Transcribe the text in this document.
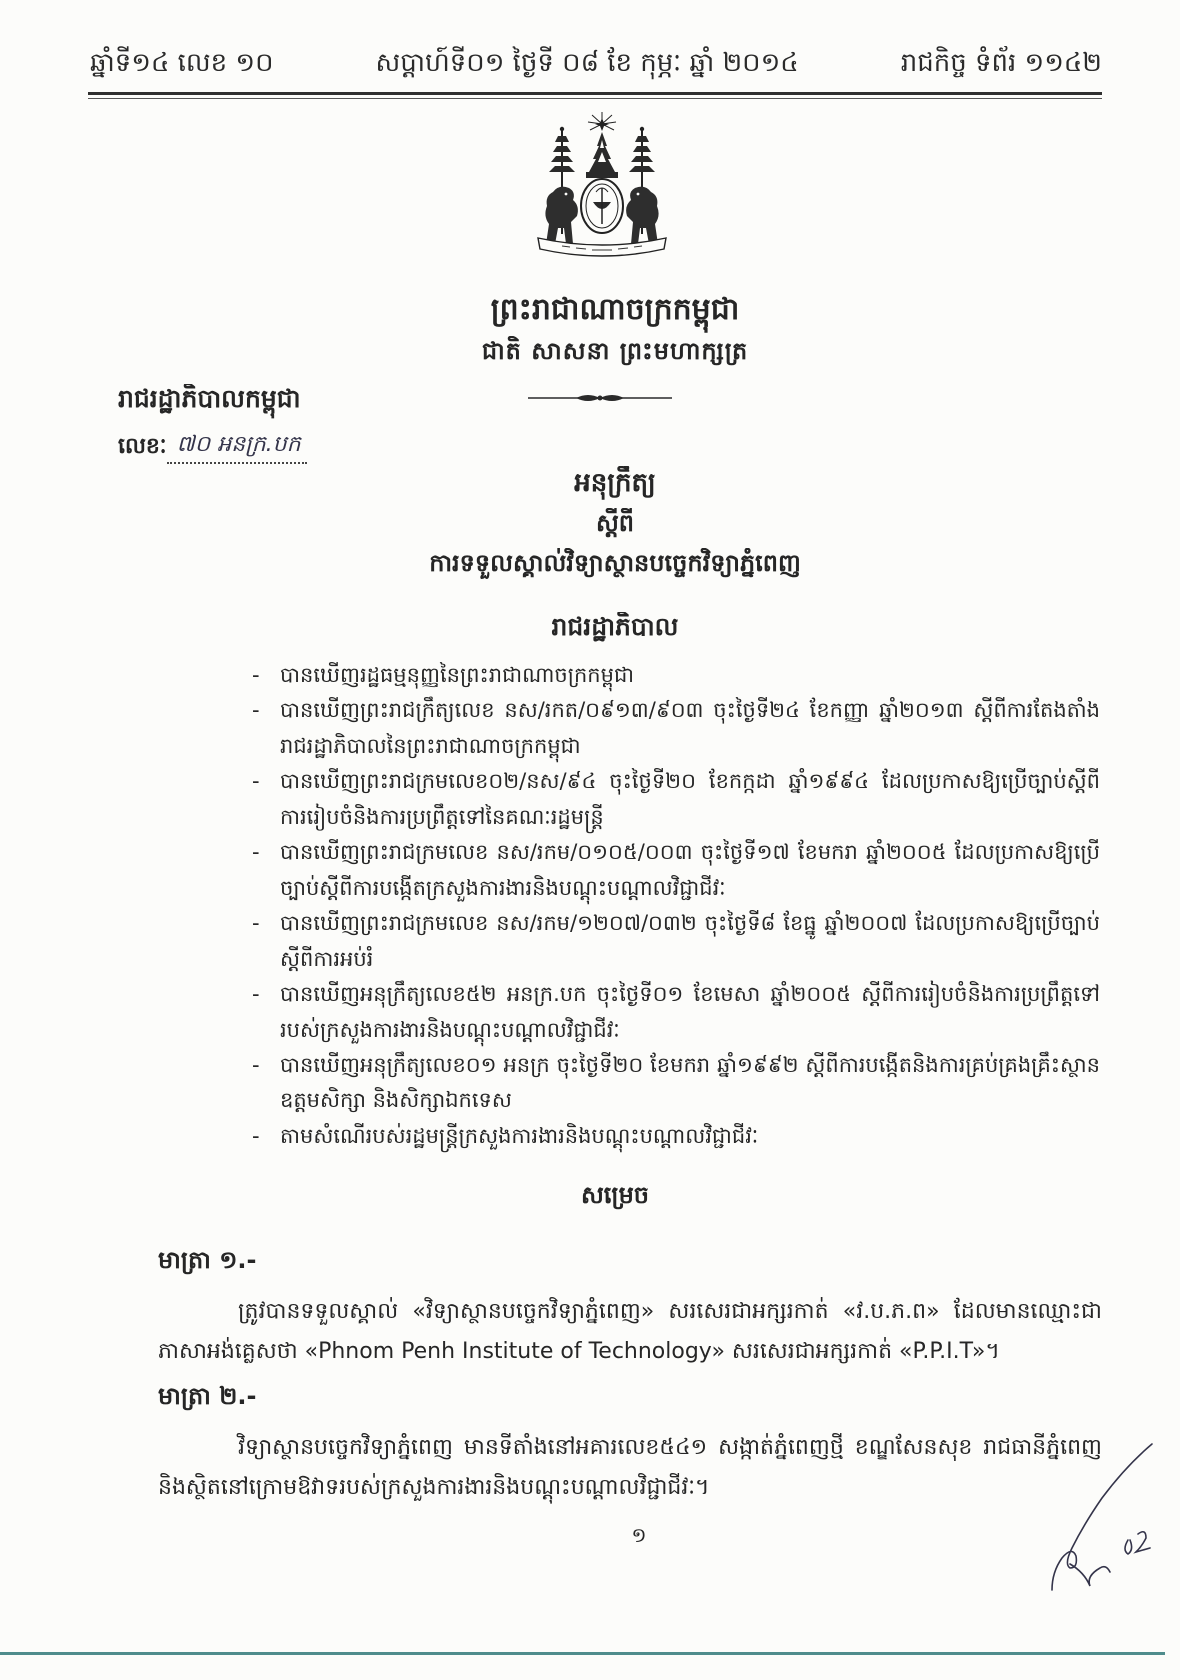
ឆ្នាំទី១៤ លេខ ១០	សប្តាហ៍ទី០១ ថ្ងៃទី ០៨ ខែ កុម្ភៈ ឆ្នាំ ២០១៤	រាជកិច្ច ទំព័រ ១១៤២
ព្រះរាជាណាចក្រកម្ពុជា
ជាតិ សាសនា ព្រះមហាក្សត្រ
រាជរដ្ឋាភិបាលកម្ពុជា
លេខៈ ៧០ អនក្រ.បក
អនុក្រឹត្យ
ស្តីពី
ការទទួលស្គាល់វិទ្យាស្ថានបច្ចេកវិទ្យាភ្នំពេញ
រាជរដ្ឋាភិបាល
- បានឃើញរដ្ឋធម្មនុញ្ញនៃព្រះរាជាណាចក្រកម្ពុជា
- បានឃើញព្រះរាជក្រឹត្យលេខ នស/រកត/០៩១៣/៩០៣ ចុះថ្ងៃទី២៤ ខែកញ្ញា ឆ្នាំ២០១៣ ស្តីពីការតែងតាំងរាជរដ្ឋាភិបាលនៃព្រះរាជាណាចក្រកម្ពុជា
- បានឃើញព្រះរាជក្រមលេខ០២/នស/៩៤ ចុះថ្ងៃទី២០ ខែកក្កដា ឆ្នាំ១៩៩៤ ដែលប្រកាសឱ្យប្រើច្បាប់ស្តីពីការរៀបចំនិងការប្រព្រឹត្តទៅនៃគណៈរដ្ឋមន្ត្រី
- បានឃើញព្រះរាជក្រមលេខ នស/រកម/០១០៥/០០៣ ចុះថ្ងៃទី១៧ ខែមករា ឆ្នាំ២០០៥ ដែលប្រកាសឱ្យប្រើច្បាប់ស្តីពីការបង្កើតក្រសួងការងារនិងបណ្តុះបណ្តាលវិជ្ជាជីវៈ
- បានឃើញព្រះរាជក្រមលេខ នស/រកម/១២០៧/០៣២ ចុះថ្ងៃទី៨ ខែធ្នូ ឆ្នាំ២០០៧ ដែលប្រកាសឱ្យប្រើច្បាប់ស្តីពីការអប់រំ
- បានឃើញអនុក្រឹត្យលេខ៥២ អនក្រ.បក ចុះថ្ងៃទី០១ ខែមេសា ឆ្នាំ២០០៥ ស្តីពីការរៀបចំនិងការប្រព្រឹត្តទៅរបស់ក្រសួងការងារនិងបណ្តុះបណ្តាលវិជ្ជាជីវៈ
- បានឃើញអនុក្រឹត្យលេខ០១ អនក្រ ចុះថ្ងៃទី២០ ខែមករា ឆ្នាំ១៩៩២ ស្តីពីការបង្កើតនិងការគ្រប់គ្រងគ្រឹះស្ថានឧត្តមសិក្សា និងសិក្សាឯកទេស
- តាមសំណើរបស់រដ្ឋមន្ត្រីក្រសួងការងារនិងបណ្តុះបណ្តាលវិជ្ជាជីវៈ
សម្រេច
មាត្រា ១.-

ត្រូវបានទទួលស្គាល់ «វិទ្យាស្ថានបច្ចេកវិទ្យាភ្នំពេញ» សរសេរជាអក្សរកាត់ «វ.ប.ភ.ព» ដែលមានឈ្មោះជាភាសាអង់គ្លេសថា «Phnom Penh Institute of Technology» សរសេរជាអក្សរកាត់ «P.P.I.T»។

មាត្រា ២.-

វិទ្យាស្ថានបច្ចេកវិទ្យាភ្នំពេញ មានទីតាំងនៅអគារលេខ៥៤១ សង្កាត់ភ្នំពេញថ្មី ខណ្ឌសែនសុខ រាជធានីភ្នំពេញ និងស្ថិតនៅក្រោមឱវាទរបស់ក្រសួងការងារនិងបណ្តុះបណ្តាលវិជ្ជាជីវៈ។

១
